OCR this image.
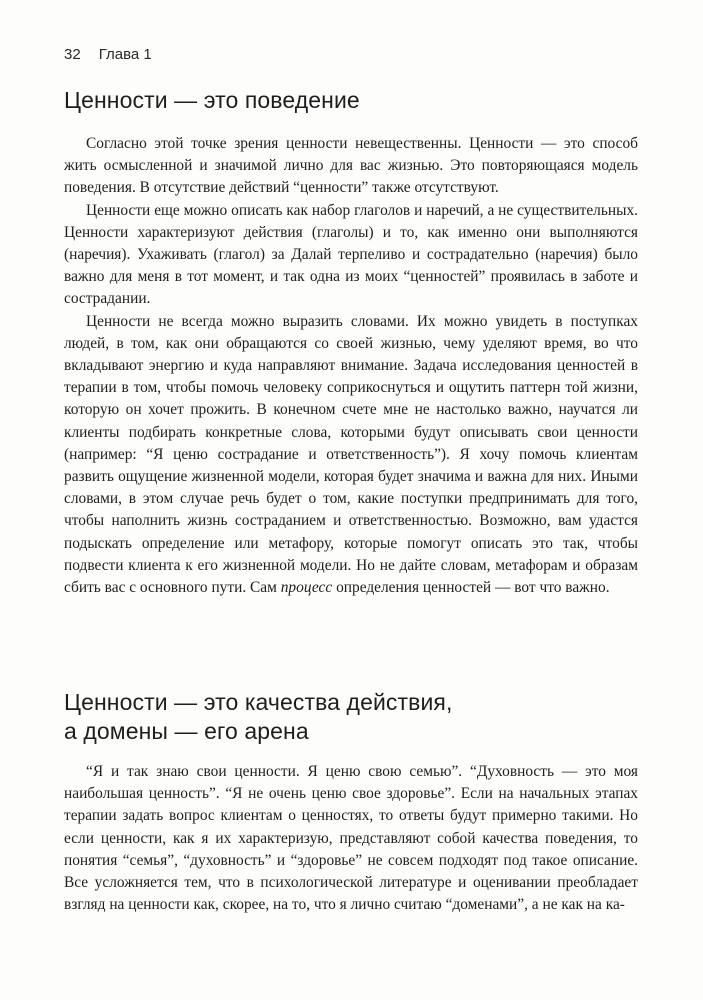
32 Глава 1
Ценности — это поведение

Согласно этой точке зрения ценности невещественны. Ценности — это способ жить осмысленной и значимой лично для вас жизнью. Это повторяющаяся модель поведения. В отсутствие действий “ценности” также отсутствуют.

Ценности еще можно описать как набор глаголов и наречий, а не существительных. Ценности характеризуют действия (глаголы) и то, как именно они выполняются (наречия). Ухаживать (глагол) за Далай терпеливо и сострадательно (наречия) было важно для меня в тот момент, и так одна из моих “ценностей” проявилась в заботе и сострадании.

Ценности не всегда можно выразить словами. Их можно увидеть в поступках людей, в том, как они обращаются со своей жизнью, чему уделяют время, во что вкладывают энергию и куда направляют внимание. Задача исследования ценностей в терапии в том, чтобы помочь человеку соприкоснуться и ощутить паттерн той жизни, которую он хочет прожить. В конечном счете мне не настолько важно, научатся ли клиенты подбирать конкретные слова, которыми будут описывать свои ценности (например: “Я ценю сострадание и ответственность”). Я хочу помочь клиентам развить ощущение жизненной модели, которая будет значима и важна для них. Иными словами, в этом случае речь будет о том, какие поступки предпринимать для того, чтобы наполнить жизнь состраданием и ответственностью. Возможно, вам удастся подыскать определение или метафору, которые помогут описать это так, чтобы подвести клиента к его жизненной модели. Но не дайте словам, метафорам и образам сбить вас с основного пути. Сам процесс определения ценностей — вот что важно.

Ценности — это качества действия,
а домены — его арена

“Я и так знаю свои ценности. Я ценю свою семью”. “Духовность — это моя наибольшая ценность”. “Я не очень ценю свое здоровье”. Если на начальных этапах терапии задать вопрос клиентам о ценностях, то ответы будут примерно такими. Но если ценности, как я их характеризую, представляют собой качества поведения, то понятия “семья”, “духовность” и “здоровье” не совсем подходят под такое описание. Все усложняется тем, что в психологической литературе и оценивании преобладает взгляд на ценности как, скорее, на то, что я лично считаю “доменами”, а не как на ка-
